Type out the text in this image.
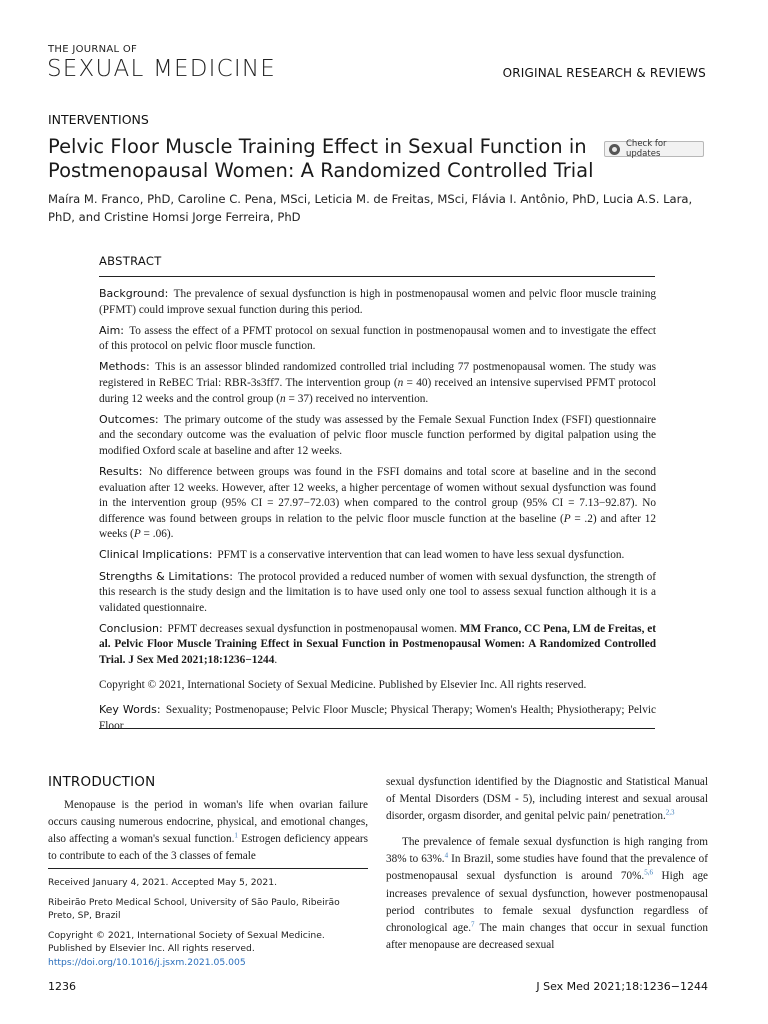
THE JOURNAL OF
SEXUAL MEDICINE	ORIGINAL RESEARCH & REVIEWS
INTERVENTIONS
Pelvic Floor Muscle Training Effect in Sexual Function in Postmenopausal Women: A Randomized Controlled Trial
Check for updates
Maíra M. Franco, PhD, Caroline C. Pena, MSci, Leticia M. de Freitas, MSci, Flávia I. Antônio, PhD, Lucia A.S. Lara, PhD, and Cristine Homsi Jorge Ferreira, PhD
ABSTRACT

Background: The prevalence of sexual dysfunction is high in postmenopausal women and pelvic floor muscle training (PFMT) could improve sexual function during this period.

Aim: To assess the effect of a PFMT protocol on sexual function in postmenopausal women and to investigate the effect of this protocol on pelvic floor muscle function.

Methods: This is an assessor blinded randomized controlled trial including 77 postmenopausal women. The study was registered in ReBEC Trial: RBR-3s3ff7. The intervention group (n = 40) received an intensive supervised PFMT protocol during 12 weeks and the control group (n = 37) received no intervention.

Outcomes: The primary outcome of the study was assessed by the Female Sexual Function Index (FSFI) questionnaire and the secondary outcome was the evaluation of pelvic floor muscle function performed by digital palpation using the modified Oxford scale at baseline and after 12 weeks.

Results: No difference between groups was found in the FSFI domains and total score at baseline and in the second evaluation after 12 weeks. However, after 12 weeks, a higher percentage of women without sexual dysfunction was found in the intervention group (95% CI = 27.97−72.03) when compared to the control group (95% CI = 7.13−92.87). No difference was found between groups in relation to the pelvic floor muscle function at the baseline (P = .2) and after 12 weeks (P = .06).

Clinical Implications: PFMT is a conservative intervention that can lead women to have less sexual dysfunction.

Strengths & Limitations: The protocol provided a reduced number of women with sexual dysfunction, the strength of this research is the study design and the limitation is to have used only one tool to assess sexual function although it is a validated questionnaire.

Conclusion: PFMT decreases sexual dysfunction in postmenopausal women. MM Franco, CC Pena, LM de Freitas, et al. Pelvic Floor Muscle Training Effect in Sexual Function in Postmenopausal Women: A Randomized Controlled Trial. J Sex Med 2021;18:1236−1244.

Copyright © 2021, International Society of Sexual Medicine. Published by Elsevier Inc. All rights reserved.

Key Words: Sexuality; Postmenopause; Pelvic Floor Muscle; Physical Therapy; Women's Health; Physiotherapy; Pelvic Floor

INTRODUCTION

Menopause is the period in woman's life when ovarian failure occurs causing numerous endocrine, physical, and emotional changes, also affecting a woman's sexual function.$^1$ Estrogen deficiency appears to contribute to each of the 3 classes of female

sexual dysfunction identified by the Diagnostic and Statistical Manual of Mental Disorders (DSM - 5), including interest and sexual arousal disorder, orgasm disorder, and genital pelvic pain/ penetration.$^{2,3}$

The prevalence of female sexual dysfunction is high ranging from 38% to 63%.$^4$ In Brazil, some studies have found that the prevalence of postmenopausal sexual dysfunction is around 70%.$^{5,6}$ High age increases prevalence of sexual dysfunction, however postmenopausal period contributes to female sexual dysfunction regardless of chronological age.$^7$ The main changes that occur in sexual function after menopause are decreased sexual

Received January 4, 2021. Accepted May 5, 2021.

Ribeirão Preto Medical School, University of São Paulo, Ribeirão Preto, SP, Brazil

Copyright © 2021, International Society of Sexual Medicine. Published by Elsevier Inc. All rights reserved.

https://doi.org/10.1016/j.jsxm.2021.05.005

1236	J Sex Med 2021;18:1236−1244
